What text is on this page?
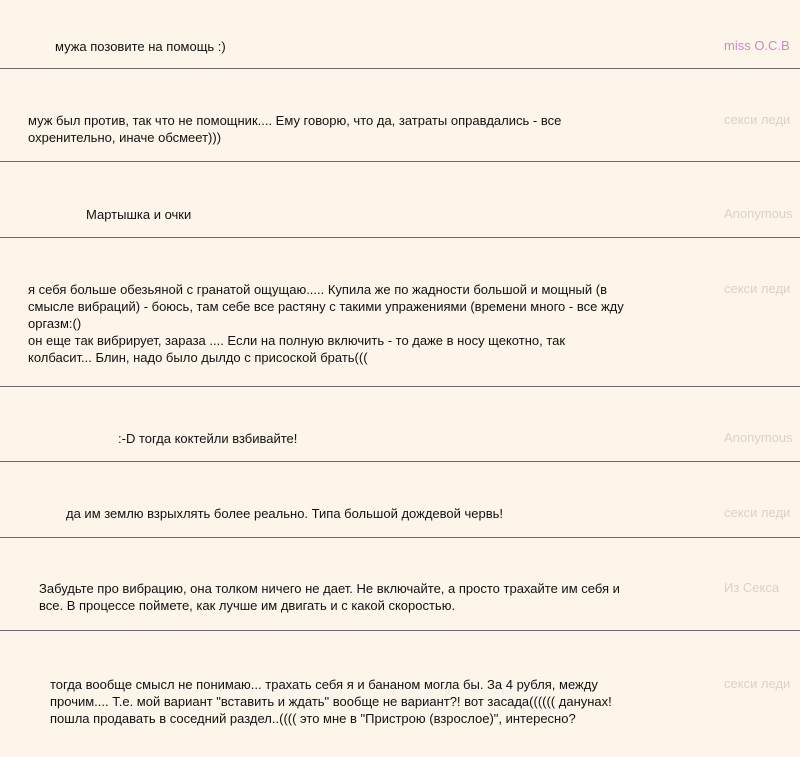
мужа позовите на помощь :)	miss O.C.B
муж был против, так что не помощник.... Ему говорю, что да, затраты оправдались - все
охренительно, иначе обсмеет)))
секси леди
Мартышка и очки	Anonymous
я себя больше обезьяной с гранатой ощущаю..... Купила же по жадности большой и мощный (в
смысле вибраций) - боюсь, там себе все растяну с такими упражениями (времени много - все жду
оргазм:()
он еще так вибрирует, зараза .... Если на полную включить - то даже в носу щекотно, так
колбасит... Блин, надо было дылдо с присоской брать(((
секси леди
:-D тогда коктейли взбивайте!	Anonymous
да им землю взрыхлять более реально. Типа большой дождевой червь!	секси леди
Забудьте про вибрацию, она толком ничего не дает. Не включайте, а просто трахайте им себя и
все. В процессе поймете, как лучше им двигать и с какой скоростью.
Из Секса
тогда вообще смысл не понимаю... трахать себя я и бананом могла бы. За 4 рубля, между
прочим.... Т.е. мой вариант "вставить и ждать" вообще не вариант?! вот засада(((((( данунах!
пошла продавать в соседний раздел..(((( это мне в "Пристрою (взрослое)", интересно?
секси леди
